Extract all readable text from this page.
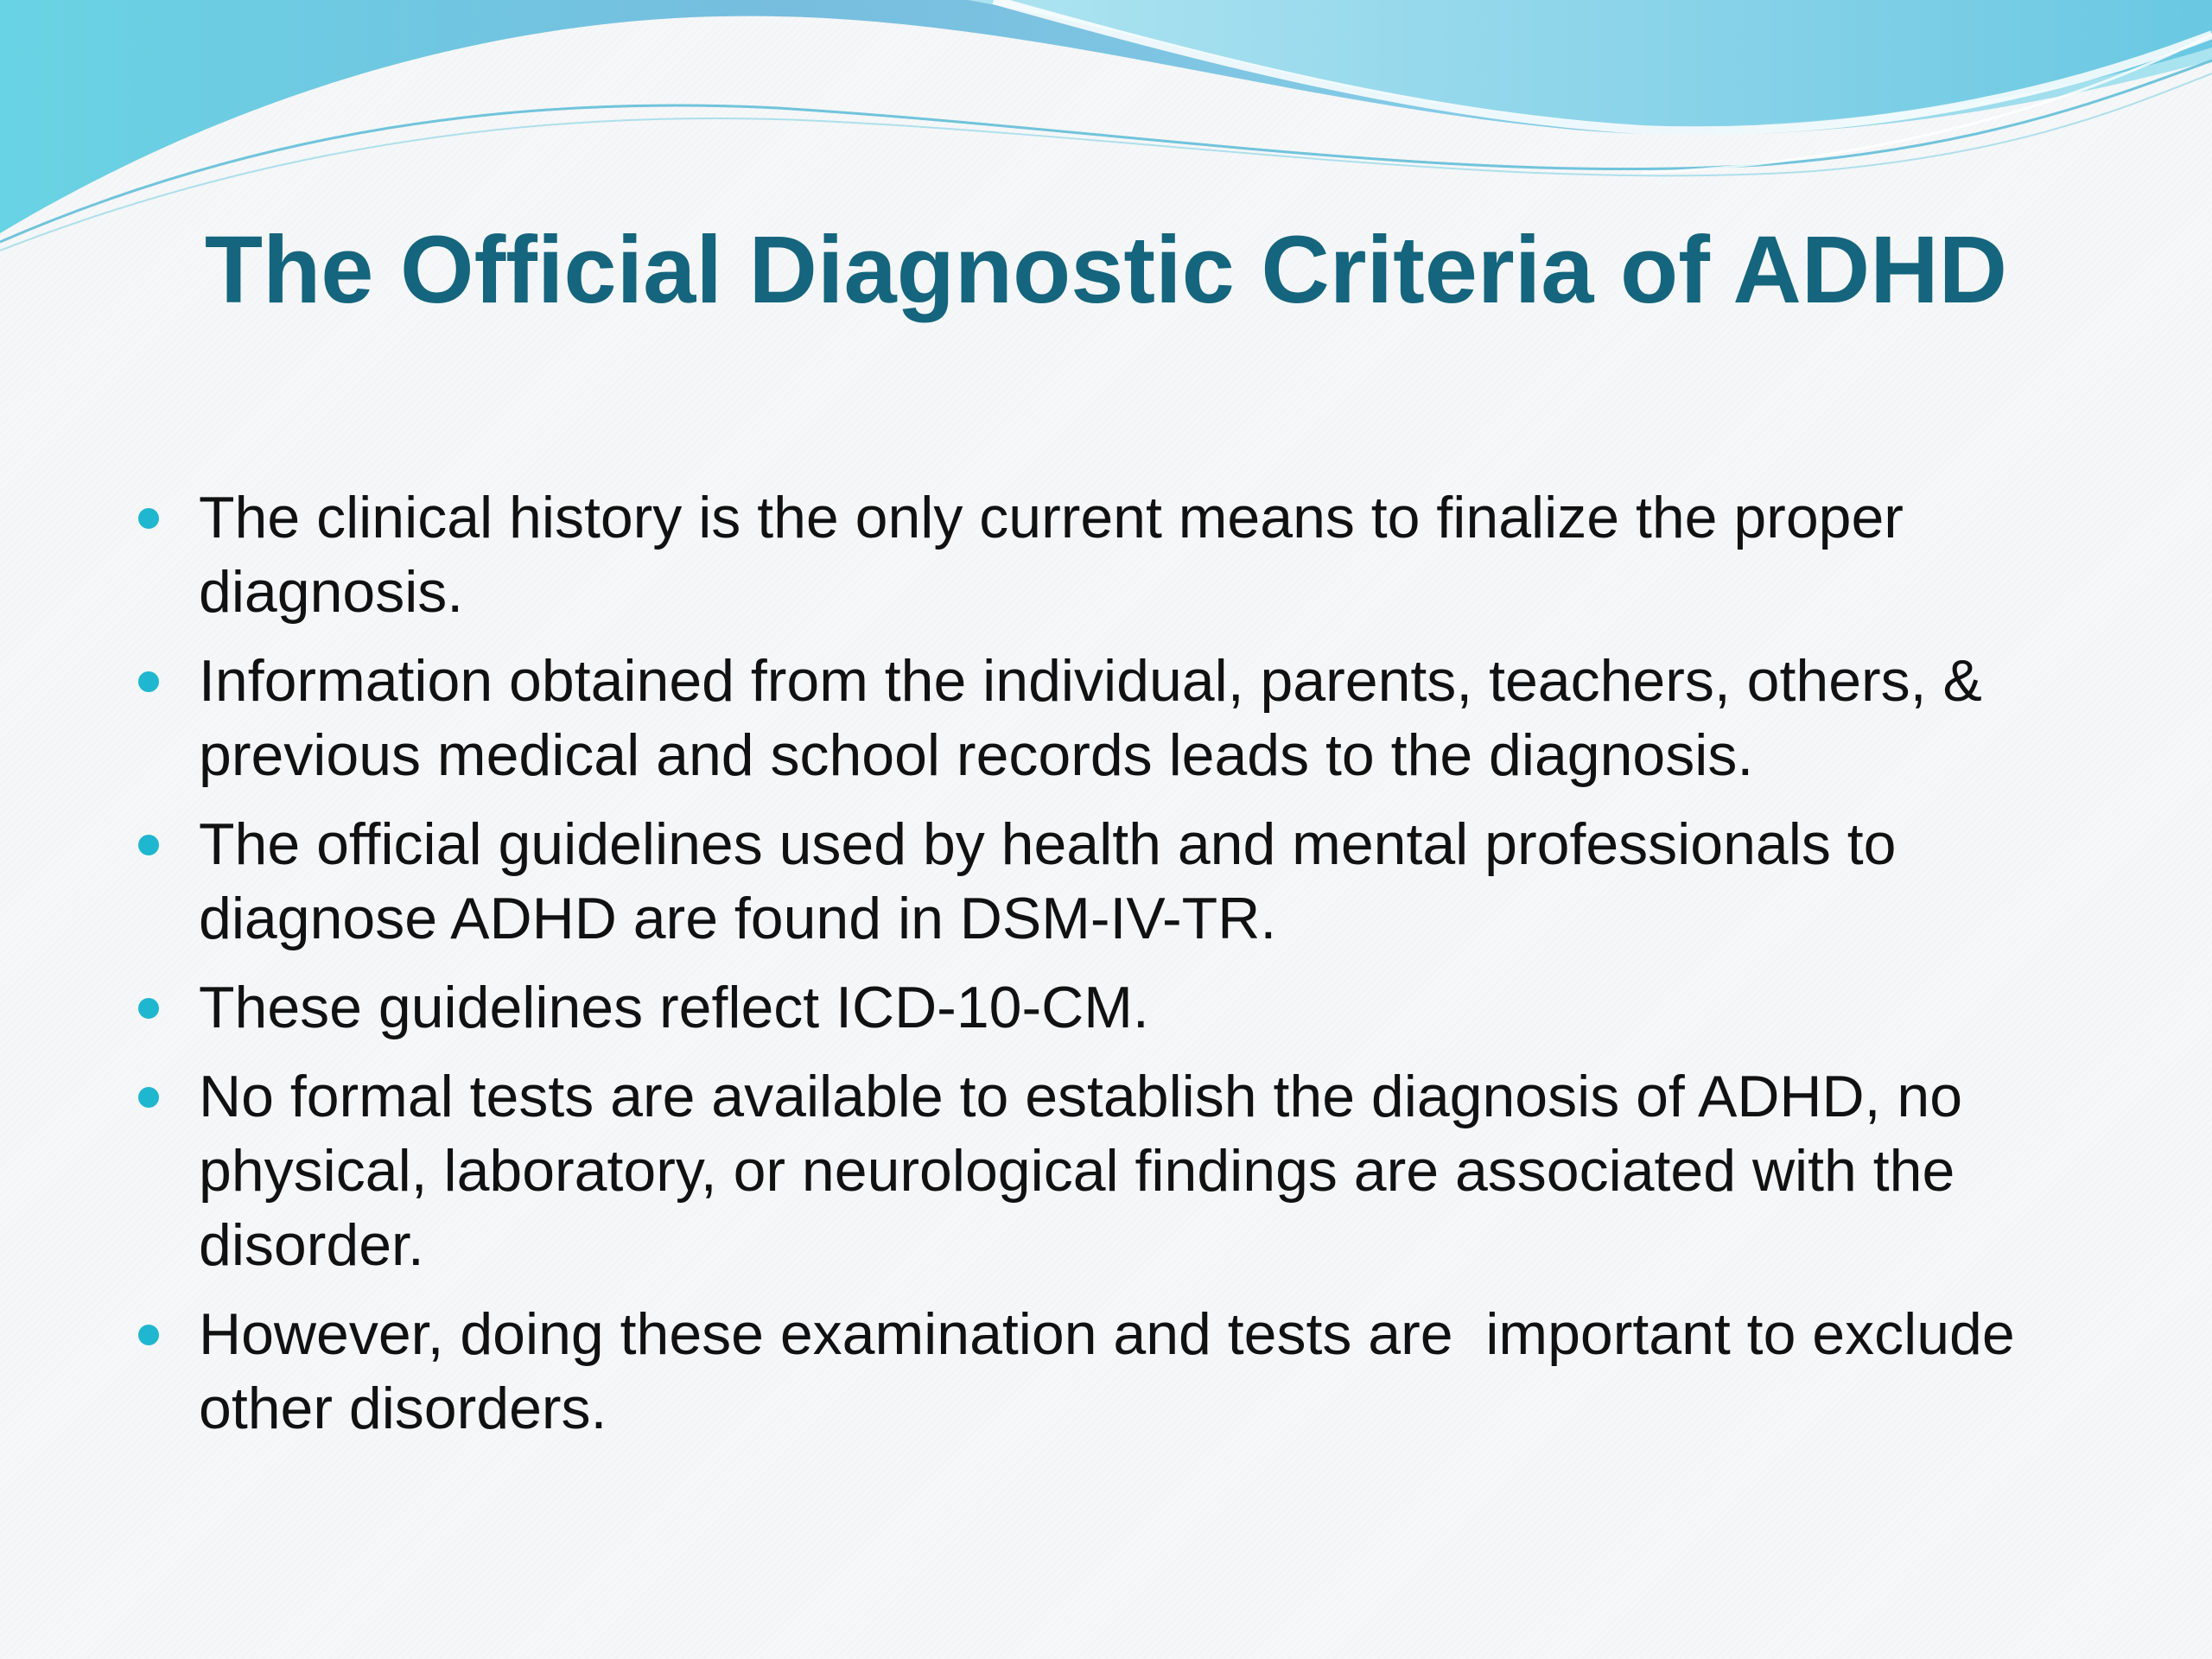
The Official Diagnostic Criteria of ADHD
The clinical history is the only current means to finalize the proper diagnosis.
Information obtained from the individual, parents, teachers, others, & previous medical and school records leads to the diagnosis.
The official guidelines used by health and mental professionals to diagnose ADHD are found in DSM-IV-TR.
These guidelines reflect ICD-10-CM.
No formal tests are available to establish the diagnosis of ADHD, no physical, laboratory, or neurological findings are associated with the disorder.
However, doing these examination and tests are  important to exclude other disorders.
